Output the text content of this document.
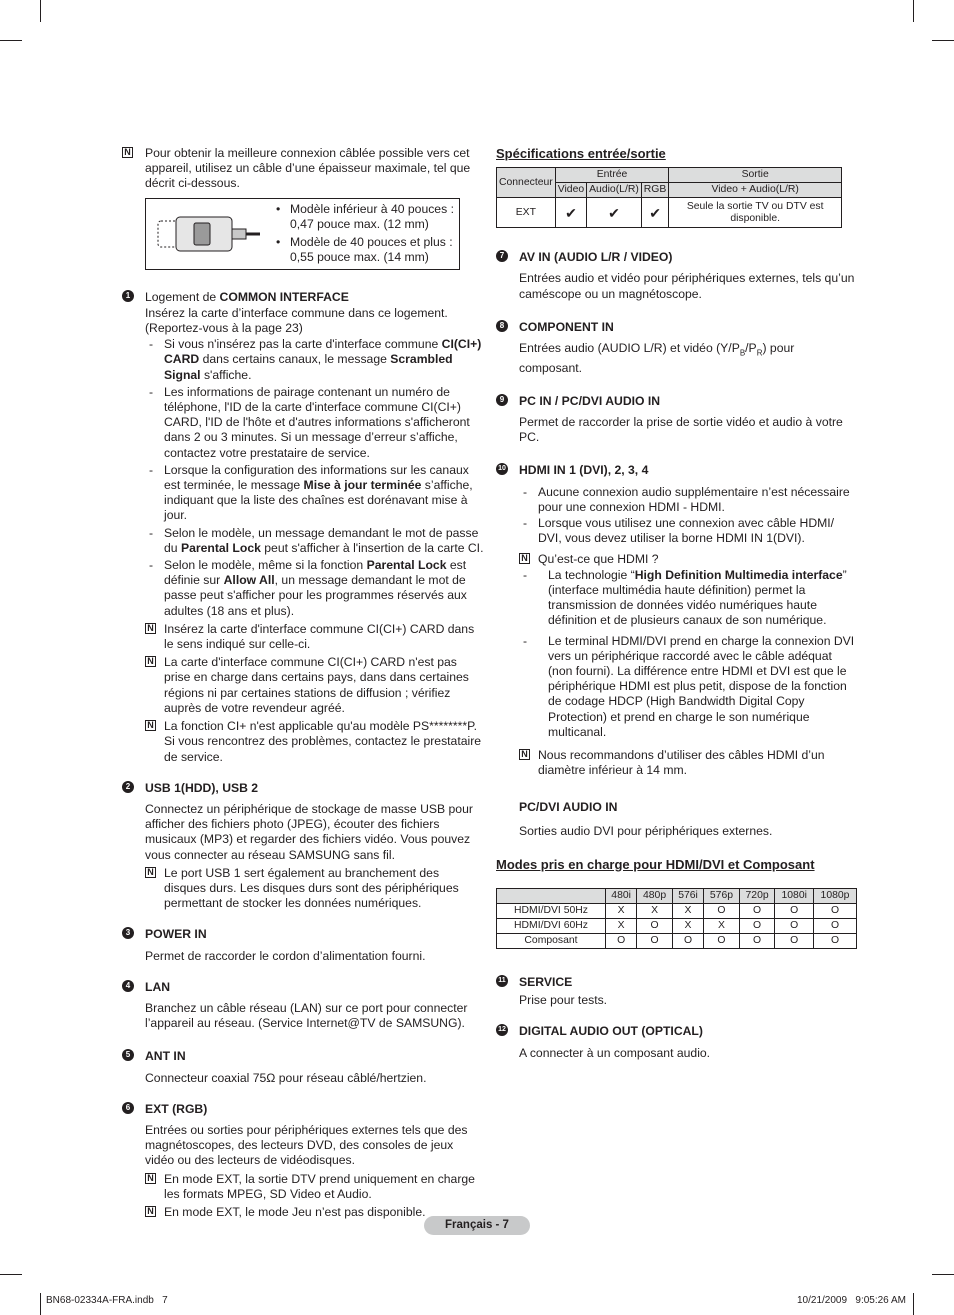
N
Pour obtenir la meilleure connexion câblée possible vers cet appareil, utilisez un câble d’une épaisseur maximale, tel que décrit ci-dessous.
• Modèle inférieur à 40 pouces : 0,47 pouce max. (12 mm)
• Modèle de 40 pouces et plus : 0,55 pouce max. (14 mm)
1	Logement de COMMON INTERFACE
Insérez la carte d’interface commune dans ce logement. (Reportez-vous à la page 23)
- Si vous n'insérez pas la carte d'interface commune CI(CI+) CARD dans certains canaux, le message Scrambled Signal s'affiche.
- Les informations de pairage contenant un numéro de téléphone, l'ID de la carte d'interface commune CI(CI+) CARD, l'ID de l'hôte et d'autres informations s'afficheront dans 2 ou 3 minutes. Si un message d’erreur s’affiche, contactez votre prestataire de service.
- Lorsque la configuration des informations sur les canaux est terminée, le message Mise à jour terminée s’affiche, indiquant que la liste des chaînes est dorénavant mise à jour.
- Selon le modèle, un message demandant le mot de passe du Parental Lock peut s'afficher à l'insertion de la carte CI.
- Selon le modèle, même si la fonction Parental Lock est définie sur Allow All, un message demandant le mot de passe peut s'afficher pour les programmes réservés aux adultes (18 ans et plus).
N
Insérez la carte d'interface commune CI(CI+) CARD dans le sens indiqué sur celle-ci.
N
La carte d'interface commune CI(CI+) CARD n'est pas prise en charge dans certains pays, dans dans certaines régions ni par certaines stations de diffusion ; vérifiez auprès de votre revendeur agréé.
N
La fonction CI+ n'est applicable qu'au modèle PS********P. Si vous rencontrez des problèmes, contactez le prestataire de service.
2	USB 1(HDD), USB 2
Connectez un périphérique de stockage de masse USB pour afficher des fichiers photo (JPEG), écouter des fichiers musicaux (MP3) et regarder des fichiers vidéo. Vous pouvez vous connecter au réseau SAMSUNG sans fil.
N
Le port USB 1 sert également au branchement des disques durs. Les disques durs sont des périphériques permettant de stocker les données numériques.
3	POWER IN
Permet de raccorder le cordon d’alimentation fourni.
4	LAN
Branchez un câble réseau (LAN) sur ce port pour connecter l’appareil au réseau. (Service Internet@TV de SAMSUNG).
5	ANT IN
Connecteur coaxial 75Ω pour réseau câblé/hertzien.
6	EXT (RGB)
Entrées ou sorties pour périphériques externes tels que des magnétoscopes, des lecteurs DVD, des consoles de jeux vidéo ou des lecteurs de vidéodisques.
N
En mode EXT, la sortie DTV prend uniquement en charge les formats MPEG, SD Video et Audio.
N
En mode EXT, le mode Jeu n’est pas disponible.
Spécifications entrée/sortie
Connecteur	Entrée			Sortie
	Video	Audio(L/R)	RGB	Video + Audio(L/R)
EXT	✔	✔	✔	Seule la sortie TV ou DTV est disponible.
7	AV IN (AUDIO L/R / VIDEO)
Entrées audio et vidéo pour périphériques externes, tels qu’un caméscope ou un magnétoscope.
8	COMPONENT IN
Entrées audio (AUDIO L/R) et vidéo $(Y/P_B/P_R)$ pour composant.
9	PC IN / PC/DVI AUDIO IN
Permet de raccorder la prise de sortie vidéo et audio à votre PC.
10 HDMI IN 1 (DVI), 2, 3, 4
- Aucune connexion audio supplémentaire n’est nécessaire pour une connexion HDMI - HDMI.
- Lorsque vous utilisez une connexion avec câble HDMI/ DVI, vous devez utiliser la borne HDMI IN 1(DVI).
N
Qu’est-ce que HDMI ?
- La technologie “High Definition Multimedia interface” (interface multimédia haute définition) permet la transmission de données vidéo numériques haute définition et de plusieurs canaux de son numérique.
- Le terminal HDMI/DVI prend en charge la connexion DVI vers un périphérique raccordé avec le câble adéquat (non fourni). La différence entre HDMI et DVI est que le périphérique HDMI est plus petit, dispose de la fonction de codage HDCP (High Bandwidth Digital Copy Protection) et prend en charge le son numérique multicanal.
N
Nous recommandons d’utiliser des câbles HDMI d’un diamètre inférieur à 14 mm.
PC/DVI AUDIO IN
Sorties audio DVI pour périphériques externes.
Modes pris en charge pour HDMI/DVI et Composant
	480i	480p	576i	576p	720p	1080i	1080p
HDMI/DVI 50Hz	X	X	X	O	O	O	O
HDMI/DVI 60Hz	X	O	X	X	O	O	O
Composant	O	O	O	O	O	O	O
11 SERVICE
Prise pour tests.
12 DIGITAL AUDIO OUT (OPTICAL)
A connecter à un composant audio.
Français - 7
BN68-02334A-FRA.indb   7	10/21/2009   9:05:26 AM
